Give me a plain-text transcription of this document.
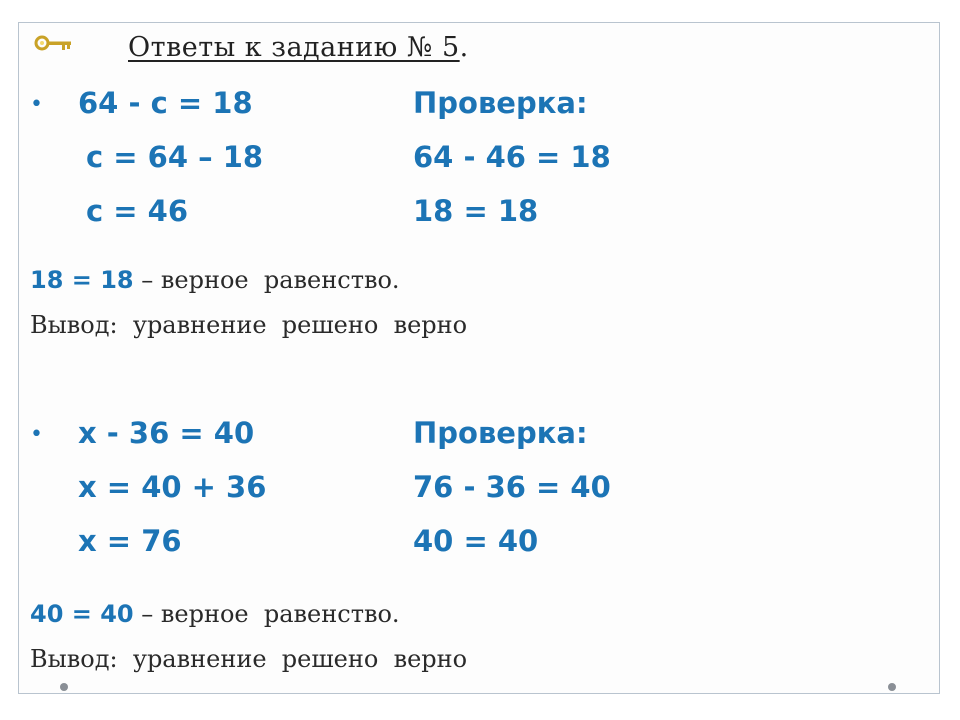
Ответы к заданию № 5.
• 64 - c = 18
c = 64 – 18
c = 46
Проверка:
64 - 46 = 18
18 = 18
18 = 18 – верное  равенство.
Вывод:  уравнение  решено  верно
• x - 36 = 40
x = 40 + 36
x = 76
Проверка:
76 - 36 = 40
40 = 40
40 = 40 – верное  равенство.
Вывод:  уравнение  решено  верно
